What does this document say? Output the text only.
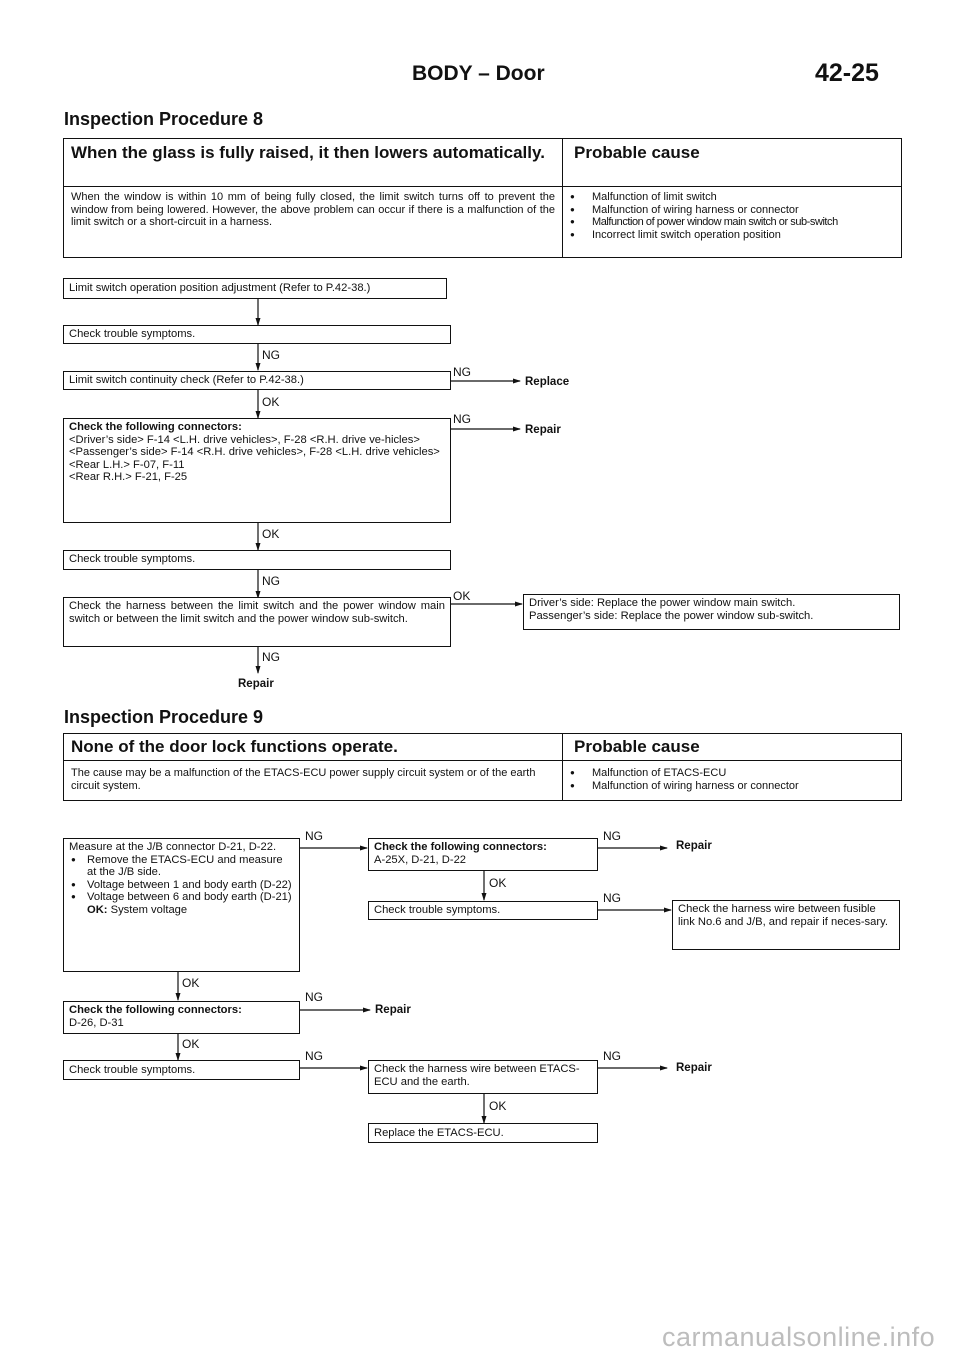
BODY – Door	42-25
Inspection Procedure 8
When the glass is fully raised, it then lowers automatically.	Probable cause
When the window is within 10 mm of being fully closed, the limit switch turns off to prevent the window from being lowered. However, the above problem can occur if there is a malfunction of the limit switch or a short-circuit in a harness.
● Malfunction of limit switch
● Malfunction of wiring harness or connector
● Malfunction of power window main switch or sub-switch
● Incorrect limit switch operation position
Limit switch operation position adjustment (Refer to P.42-38.)
Check trouble symptoms.
NG
Limit switch continuity check (Refer to P.42-38.)
NG
Replace
OK
Check the following connectors:
<Driver’s side> F-14 <L.H. drive vehicles>, F-28 <R.H. drive ve-hicles>
<Passenger’s side> F-14 <R.H. drive vehicles>, F-28 <L.H. drive vehicles>
<Rear L.H.> F-07, F-11
<Rear R.H.> F-21, F-25
NG
Repair
OK
Check trouble symptoms.
NG
Check the harness between the limit switch and the power window main switch or between the limit switch and the power window sub-switch.
OK	Driver’s side: Replace the power window main switch.
Passenger’s side: Replace the power window sub-switch.
NG
Repair
Inspection Procedure 9
None of the door lock functions operate.	Probable cause
The cause may be a malfunction of the ETACS-ECU power supply circuit system or of the earth circuit system.
● Malfunction of ETACS-ECU
● Malfunction of wiring harness or connector
Measure at the J/B connector D-21, D-22.
● Remove the ETACS-ECU and measure at the J/B side.
● Voltage between 1 and body earth (D-22)
● Voltage between 6 and body earth (D-21)
OK: System voltage
NG
Check the following connectors:
A-25X, D-21, D-22
NG
Repair
OK
Check trouble symptoms.
NG
Check the harness wire between fusible link No.6 and J/B, and repair if neces-sary.
OK
Check the following connectors:
D-26, D-31
NG
Repair
OK
Check trouble symptoms.
NG
Check the harness wire between ETACS-ECU and the earth.
NG
Repair
OK
Replace the ETACS-ECU.
carmanualsonline.info
